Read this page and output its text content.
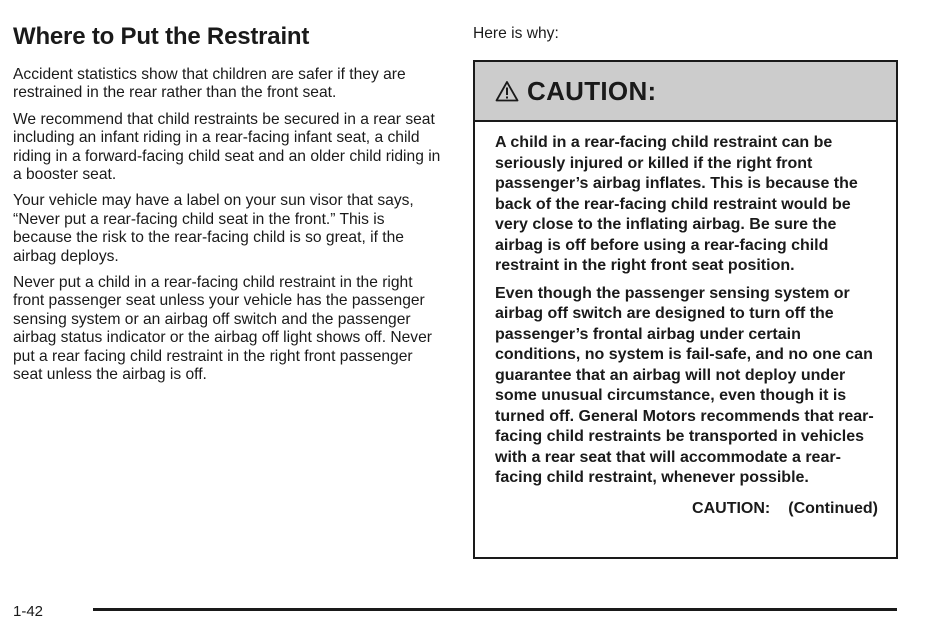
Where to Put the Restraint

Accident statistics show that children are safer if they are restrained in the rear rather than the front seat.

We recommend that child restraints be secured in a rear seat including an infant riding in a rear-facing infant seat, a child riding in a forward-facing child seat and an older child riding in a booster seat.

Your vehicle may have a label on your sun visor that says, “Never put a rear-facing child seat in the front.” This is because the risk to the rear-facing child is so great, if the airbag deploys.

Never put a child in a rear-facing child restraint in the right front passenger seat unless your vehicle has the passenger sensing system or an airbag off switch and the passenger airbag status indicator or the airbag off light shows off. Never put a rear facing child restraint in the right front passenger seat unless the airbag is off.

Here is why:
CAUTION:

A child in a rear-facing child restraint can be seriously injured or killed if the right front passenger’s airbag inflates. This is because the back of the rear-facing child restraint would be very close to the inflating airbag. Be sure the airbag is off before using a rear-facing child restraint in the right front seat position.

Even though the passenger sensing system or airbag off switch are designed to turn off the passenger’s frontal airbag under certain conditions, no system is fail-safe, and no one can guarantee that an airbag will not deploy under some unusual circumstance, even though it is turned off. General Motors recommends that rear-facing child restraints be transported in vehicles with a rear seat that will accommodate a rear-facing child restraint, whenever possible.

CAUTION: (Continued)
1-42
